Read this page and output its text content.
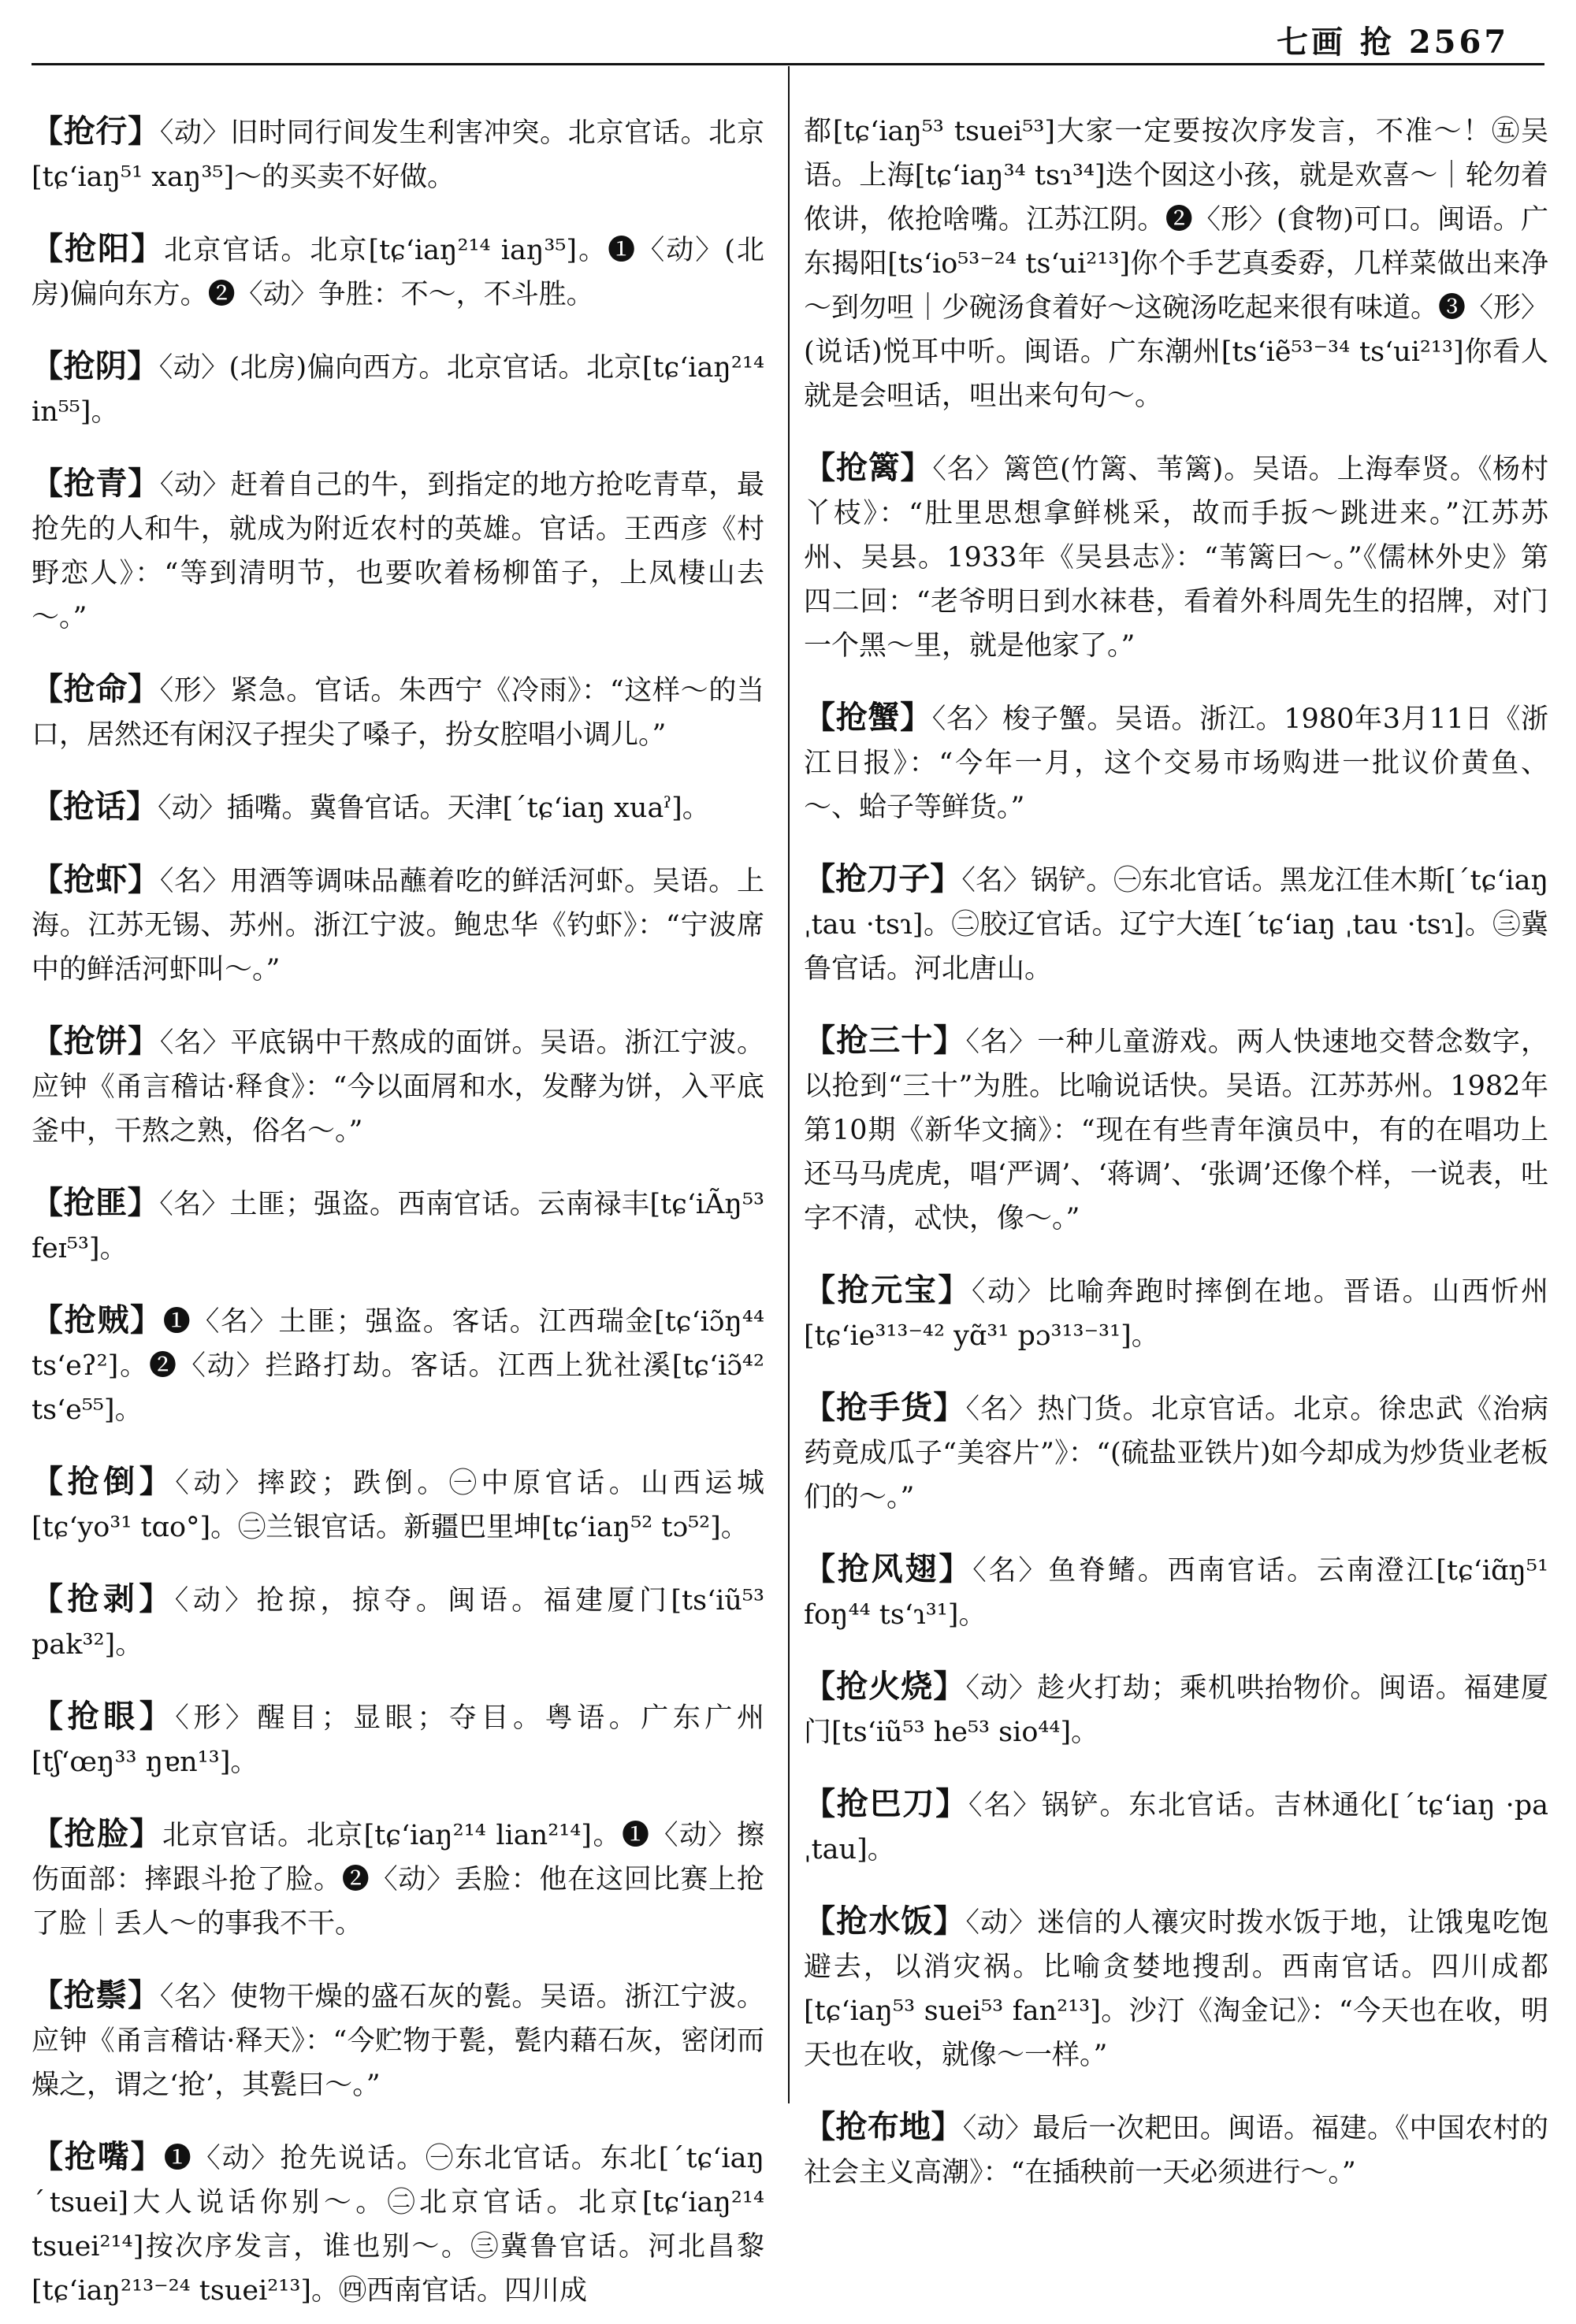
七画 抢 2567

【抢行】〈动〉旧时同行间发生利害冲突。北京官话。北京[tɕʻiaŋ⁵¹ xaŋ³⁵]～的买卖不好做。

【抢阳】北京官话。北京[tɕʻiaŋ²¹⁴ iaŋ³⁵]。❶〈动〉(北房)偏向东方。❷〈动〉争胜：不～，不斗胜。

【抢阴】〈动〉(北房)偏向西方。北京官话。北京[tɕʻiaŋ²¹⁴ in⁵⁵]。

【抢青】〈动〉赶着自己的牛，到指定的地方抢吃青草，最抢先的人和牛，就成为附近农村的英雄。官话。王西彦《村野恋人》：“等到清明节，也要吹着杨柳笛子，上凤棲山去～。”

【抢命】〈形〉紧急。官话。朱西宁《冷雨》：“这样～的当口，居然还有闲汉子捏尖了嗓子，扮女腔唱小调儿。”

【抢话】〈动〉插嘴。冀鲁官话。天津[ˊtɕʻiaŋ xuaˀ]。

【抢虾】〈名〉用酒等调味品蘸着吃的鲜活河虾。吴语。上海。江苏无锡、苏州。浙江宁波。鲍忠华《钓虾》：“宁波席中的鲜活河虾叫～。”

【抢饼】〈名〉平底锅中干熬成的面饼。吴语。浙江宁波。应钟《甬言稽诂·释食》：“今以面屑和水，发酵为饼，入平底釜中，干熬之熟，俗名～。”

【抢匪】〈名〉土匪；强盗。西南官话。云南禄丰[tɕʻiÃŋ⁵³ feɪ⁵³]。

【抢贼】❶〈名〉土匪；强盗。客话。江西瑞金[tɕʻiɔ̃ŋ⁴⁴ tsʻeʔ²]。❷〈动〉拦路打劫。客话。江西上犹社溪[tɕʻiɔ̃⁴² tsʻe⁵⁵]。

【抢倒】〈动〉摔跤；跌倒。㊀中原官话。山西运城[tɕʻyo³¹ tɑo°]。㊁兰银官话。新疆巴里坤[tɕʻiaŋ⁵² tɔ⁵²]。

【抢剥】〈动〉抢掠，掠夺。闽语。福建厦门[tsʻiũ⁵³ pak³²]。

【抢眼】〈形〉醒目；显眼；夺目。粤语。广东广州[tʃʻœŋ³³ ŋɐn¹³]。

【抢脸】北京官话。北京[tɕʻiaŋ²¹⁴ lian²¹⁴]。❶〈动〉擦伤面部：摔跟斗抢了脸。❷〈动〉丢脸：他在这回比赛上抢了脸｜丢人～的事我不干。

【抢鬃】〈名〉使物干燥的盛石灰的甏。吴语。浙江宁波。应钟《甬言稽诂·释天》：“今贮物于甏，甏内藉石灰，密闭而燥之，谓之‘抢’，其甏曰～。”

【抢嘴】❶〈动〉抢先说话。㊀东北官话。东北[ˊtɕʻiaŋ ˊtsuei]大人说话你别～。㊁北京官话。北京[tɕʻiaŋ²¹⁴ tsuei²¹⁴]按次序发言，谁也别～。㊂冀鲁官话。河北昌黎[tɕʻiaŋ²¹³⁻²⁴ tsuei²¹³]。㊃西南官话。四川成

都[tɕʻiaŋ⁵³ tsuei⁵³]大家一定要按次序发言，不准～！㊄吴语。上海[tɕʻiaŋ³⁴ tsɿ³⁴]迭个囡这小孩，就是欢喜～｜轮勿着侬讲，侬抢啥嘴。江苏江阴。❷〈形〉(食物)可口。闽语。广东揭阳[tsʻio⁵³⁻²⁴ tsʻui²¹³]你个手艺真委孬，几样菜做出来净～到勿呾｜少碗汤食着好～这碗汤吃起来很有味道。❸〈形〉(说话)悦耳中听。闽语。广东潮州[tsʻiẽ⁵³⁻³⁴ tsʻui²¹³]你看人就是会呾话，呾出来句句～。

【抢篱】〈名〉篱笆(竹篱、苇篱)。吴语。上海奉贤。《杨村丫枝》：“肚里思想拿鲜桃采，故而手扳～跳进来。”江苏苏州、吴县。1933年《吴县志》：“苇篱曰～。”《儒林外史》第四二回：“老爷明日到水袜巷，看着外科周先生的招牌，对门一个黑～里，就是他家了。”

【抢蟹】〈名〉梭子蟹。吴语。浙江。1980年3月11日《浙江日报》：“今年一月，这个交易市场购进一批议价黄鱼、～、蛤子等鲜货。”

【抢刀子】〈名〉锅铲。㊀东北官话。黑龙江佳木斯[ˊtɕʻiaŋ ˌtau ·tsɿ]。㊁胶辽官话。辽宁大连[ˊtɕʻiaŋ ˌtau ·tsɿ]。㊂冀鲁官话。河北唐山。

【抢三十】〈名〉一种儿童游戏。两人快速地交替念数字，以抢到“三十”为胜。比喻说话快。吴语。江苏苏州。1982年第10期《新华文摘》：“现在有些青年演员中，有的在唱功上还马马虎虎，唱‘严调’、‘蒋调’、‘张调’还像个样，一说表，吐字不清，忒快，像～。”

【抢元宝】〈动〉比喻奔跑时摔倒在地。晋语。山西忻州[tɕʻie³¹³⁻⁴² yɑ̃³¹ pɔ³¹³⁻³¹]。

【抢手货】〈名〉热门货。北京官话。北京。徐忠武《治病药竟成瓜子“美容片”》：“(硫盐亚铁片)如今却成为炒货业老板们的～。”

【抢风翅】〈名〉鱼脊鳍。西南官话。云南澄江[tɕʻiɑ̃ŋ⁵¹ foŋ⁴⁴ tsʻɿ³¹]。

【抢火烧】〈动〉趁火打劫；乘机哄抬物价。闽语。福建厦门[tsʻiũ⁵³ he⁵³ sio⁴⁴]。

【抢巴刀】〈名〉锅铲。东北官话。吉林通化[ˊtɕʻiaŋ ·pa ˌtau]。

【抢水饭】〈动〉迷信的人禳灾时拨水饭于地，让饿鬼吃饱避去，以消灾祸。比喻贪婪地搜刮。西南官话。四川成都[tɕʻiaŋ⁵³ suei⁵³ fan²¹³]。沙汀《淘金记》：“今天也在收，明天也在收，就像～一样。”

【抢布地】〈动〉最后一次耙田。闽语。福建。《中国农村的社会主义高潮》：“在插秧前一天必须进行～。”
